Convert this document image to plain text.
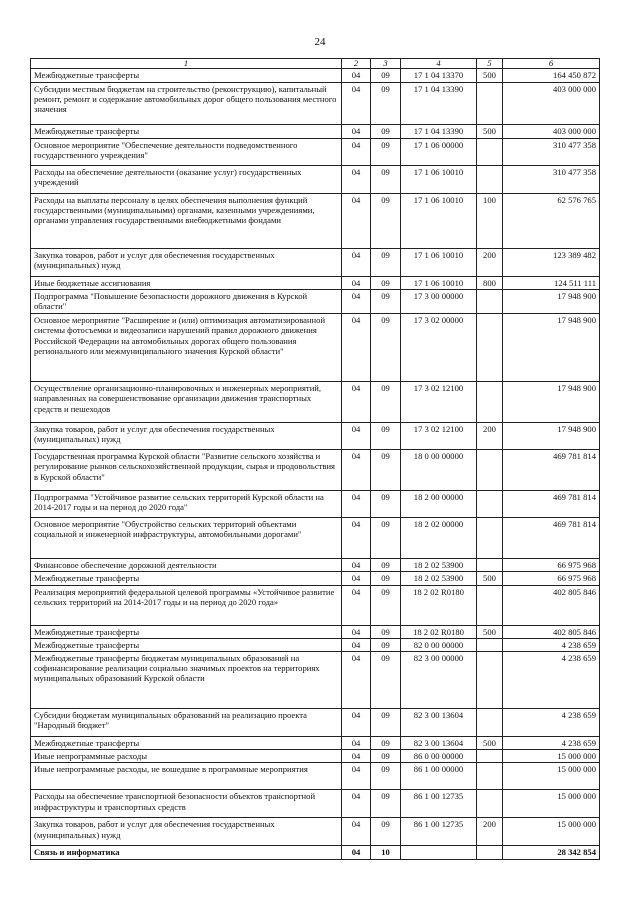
24
1	2	3	4	5	6
Межбюджетные трансферты	04	09	17 1 04 13370	500	164 450 872
Субсидии местным бюджетам на строительство (реконструкцию), капитальный ремонт, ремонт и содержание автомобильных дорог общего пользования местного значения	04	09	17 1 04 13390		403 000 000
Межбюджетные трансферты	04	09	17 1 04 13390	500	403 000 000
Основное мероприятие "Обеспечение деятельности подведомственного государственного учреждения"	04	09	17 1 06 00000		310 477 358
Расходы на обеспечение деятельности (оказание услуг) государственных учреждений	04	09	17 1 06 10010		310 477 358
Расходы на выплаты персоналу в целях обеспечения выполнения функций государственными (муниципальными) органами, казенными учреждениями, органами управления государственными внебюджетными фондами	04	09	17 1 06 10010	100	62 576 765
Закупка товаров, работ и услуг для обеспечения государственных (муниципальных) нужд	04	09	17 1 06 10010	200	123 389 482
Иные бюджетные ассигнования	04	09	17 1 06 10010	800	124 511 111
Подпрограмма "Повышение безопасности дорожного движения в Курской области"	04	09	17 3 00 00000		17 948 900
Основное мероприятие "Расширение и (или) оптимизация автоматизированной системы фотосъемки и видеозаписи нарушений правил дорожного движения Российской Федерации на автомобильных дорогах общего пользования регионального или межмуниципального значения Курской области"	04	09	17 3 02 00000		17 948 900
Осуществление организационно-планировочных и инженерных мероприятий, направленных на совершенствование организации движения транспортных средств и пешеходов	04	09	17 3 02 12100		17 948 900
Закупка товаров, работ и услуг для обеспечения государственных (муниципальных) нужд	04	09	17 3 02 12100	200	17 948 900
Государственная программа Курской области "Развитие сельского хозяйства и регулирование рынков сельскохозяйственной продукции, сырья и продовольствия в Курской области"	04	09	18 0 00 00000		469 781 814
Подпрограмма "Устойчивое развитие сельских территорий Курской области на 2014-2017 годы и на период до 2020 года"	04	09	18 2 00 00000		469 781 814
Основное мероприятие "Обустройство сельских территорий объектами социальной и инженерной инфраструктуры, автомобильными дорогами"	04	09	18 2 02 00000		469 781 814
Финансовое обеспечение дорожной деятельности	04	09	18 2 02 53900		66 975 968
Межбюджетные трансферты	04	09	18 2 02 53900	500	66 975 968
Реализация мероприятий федеральной целевой программы «Устойчивое развитие сельских территорий на 2014-2017 годы и на период до 2020 года»	04	09	18 2 02 R0180		402 805 846
Межбюджетные трансферты	04	09	18 2 02 R0180	500	402 805 846
Межбюджетные трансферты	04	09	82 0 00 00000		4 238 659
Межбюджетные трансферты бюджетам муниципальных образований на софинансирование реализации социально значимых проектов на территориях муниципальных образований Курской области	04	09	82 3 00 00000		4 238 659
Субсидии бюджетам муниципальных образований на реализацию проекта "Народный бюджет"	04	09	82 3 00 13604		4 238 659
Межбюджетные трансферты	04	09	82 3 00 13604	500	4 238 659
Иные непрограммные расходы	04	09	86 0 00 00000		15 000 000
Иные непрограммные расходы, не вошедшие в программные мероприятия	04	09	86 1 00 00000		15 000 000
Расходы на обеспечение транспортной безопасности объектов транспортной инфраструктуры и транспортных средств	04	09	86 1 00 12735		15 000 000
Закупка товаров, работ и услуг для обеспечения государственных (муниципальных) нужд	04	09	86 1 00 12735	200	15 000 000
Связь и информатика	04	10			28 342 854
